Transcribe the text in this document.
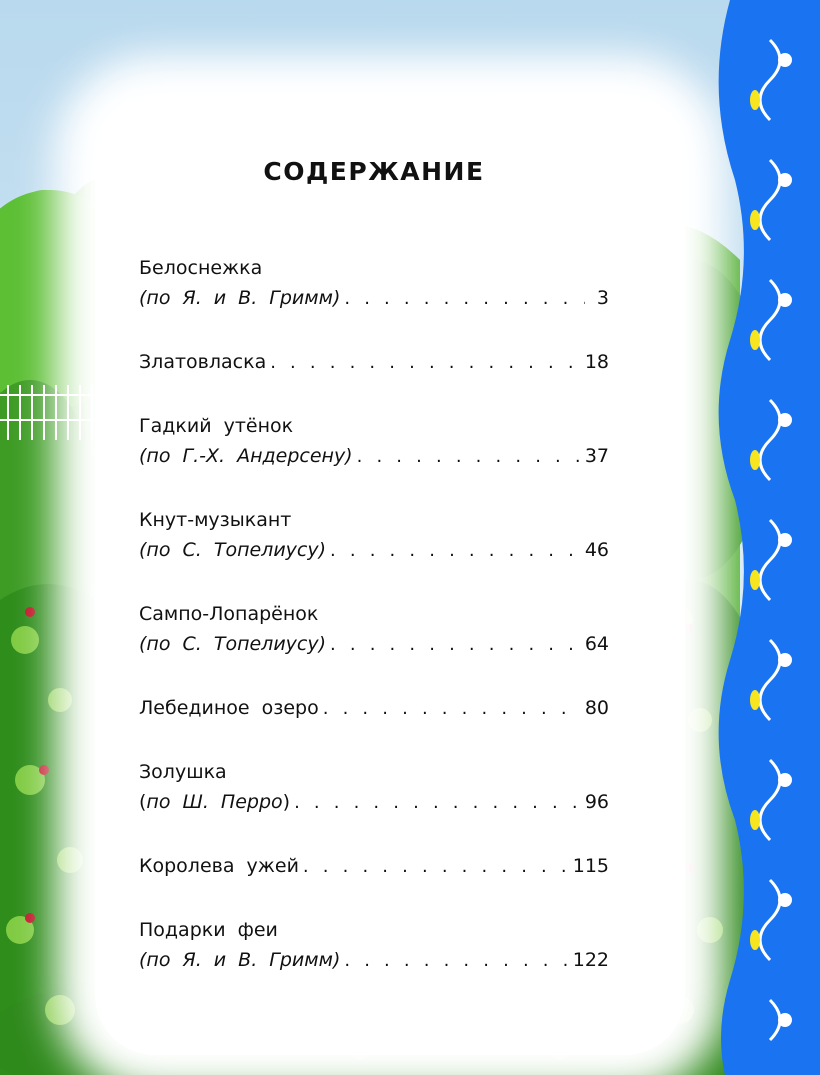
СОДЕРЖАНИЕ
Белоснежка
(по Я. и В. Гримм) . . .	3
Златовласка . . .	18
Гадкий утёнок
(по Г.-Х. Андерсену) . . .	37
Кнут-музыкант
(по С. Топелиусу) . . .	46
Сампо-Лопарёнок
(по С. Топелиусу) . . .	64
Лебединое озеро . . .	80
Золушка
( по Ш. Перро ) . . .	96
Королева ужей . . .	115
Подарки феи
(по Я. и В. Гримм) . . .	122
